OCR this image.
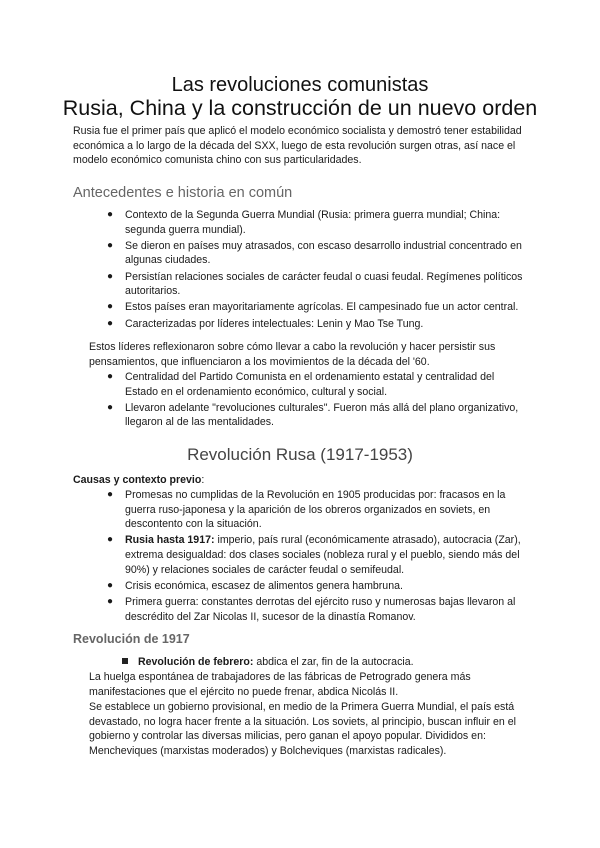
Las revoluciones comunistas
Rusia, China y la construcción de un nuevo orden
Rusia fue el primer país que aplicó el modelo económico socialista y demostró tener estabilidad económica a lo largo de la década del SXX, luego de esta revolución surgen otras, así nace el modelo económico comunista chino con sus particularidades.
Antecedentes e historia en común
● Contexto de la Segunda Guerra Mundial (Rusia: primera guerra mundial; China: segunda guerra mundial).
● Se dieron en países muy atrasados, con escaso desarrollo industrial concentrado en algunas ciudades.
● Persistían relaciones sociales de carácter feudal o cuasi feudal. Regímenes políticos autoritarios.
● Estos países eran mayoritariamente agrícolas. El campesinado fue un actor central.
● Caracterizadas por líderes intelectuales: Lenin y Mao Tse Tung.
Estos líderes reflexionaron sobre cómo llevar a cabo la revolución y hacer persistir sus pensamientos, que influenciaron a los movimientos de la década del '60.
● Centralidad del Partido Comunista en el ordenamiento estatal y centralidad del Estado en el ordenamiento económico, cultural y social.
● Llevaron adelante "revoluciones culturales". Fueron más allá del plano organizativo, llegaron al de las mentalidades.
Revolución Rusa (1917-1953)
Causas y contexto previo:
● Promesas no cumplidas de la Revolución en 1905 producidas por: fracasos en la guerra ruso-japonesa y la aparición de los obreros organizados en soviets, en descontento con la situación.
● Rusia hasta 1917: imperio, país rural (económicamente atrasado), autocracia (Zar), extrema desigualdad: dos clases sociales (nobleza rural y el pueblo, siendo más del 90%) y relaciones sociales de carácter feudal o semifeudal.
● Crisis económica, escasez de alimentos genera hambruna.
● Primera guerra: constantes derrotas del ejército ruso y numerosas bajas llevaron al descrédito del Zar Nicolas II, sucesor de la dinastía Romanov.
Revolución de 1917
Revolución de febrero: abdica el zar, fin de la autocracia.
La huelga espontánea de trabajadores de las fábricas de Petrogrado genera más manifestaciones que el ejército no puede frenar, abdica Nicolás II.
Se establece un gobierno provisional, en medio de la Primera Guerra Mundial, el país está devastado, no logra hacer frente a la situación. Los soviets, al principio, buscan influir en el gobierno y controlar las diversas milicias, pero ganan el apoyo popular. Divididos en: Mencheviques (marxistas moderados) y Bolcheviques (marxistas radicales).
